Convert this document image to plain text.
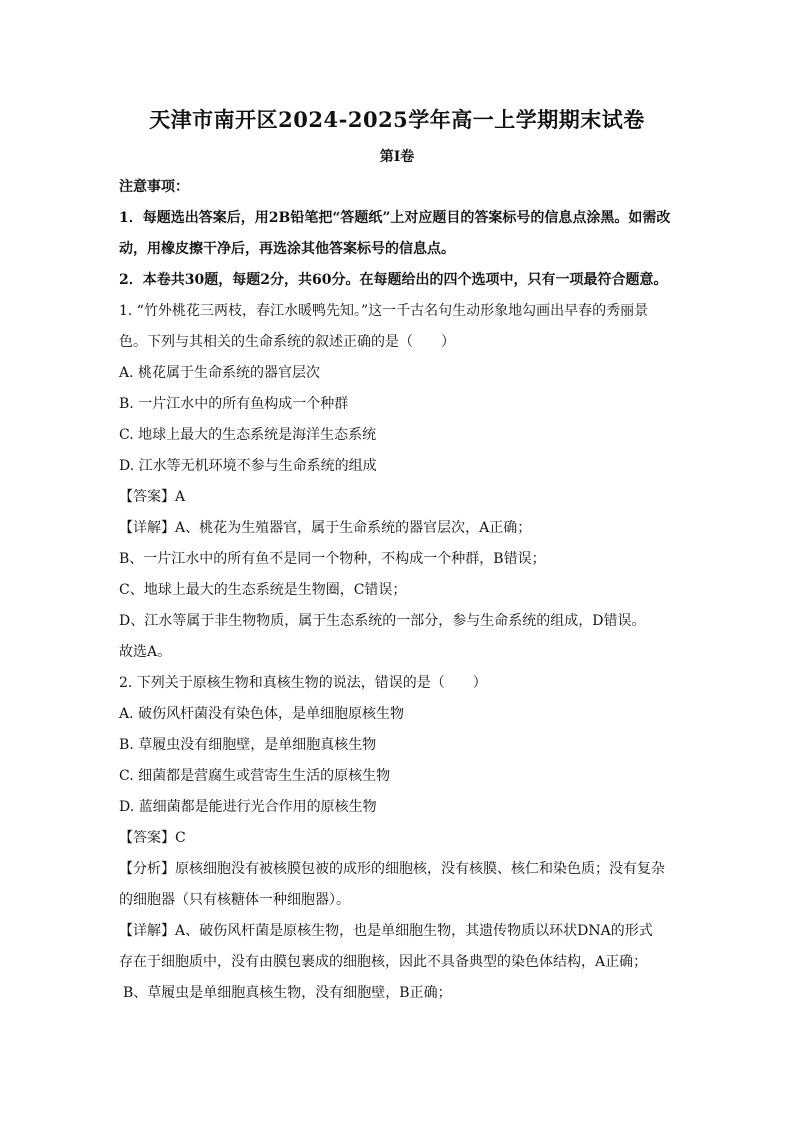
天津市南开区2024-2025学年高一上学期期末试卷
第I卷
注意事项：
1．每题选出答案后，用2B铅笔把“答题纸”上对应题目的答案标号的信息点涂黑。如需改
动，用橡皮擦干净后，再选涂其他答案标号的信息点。
2．本卷共30题，每题2分，共60分。在每题给出的四个选项中，只有一项最符合题意。
1. “竹外桃花三两枝，春江水暖鸭先知。”这一千古名句生动形象地勾画出早春的秀丽景
色。下列与其相关的生命系统的叙述正确的是（　　）
A. 桃花属于生命系统的器官层次
B. 一片江水中的所有鱼构成一个种群
C. 地球上最大的生态系统是海洋生态系统
D. 江水等无机环境不参与生命系统的组成
【答案】A
【详解】A、桃花为生殖器官，属于生命系统的器官层次，A正确；
B、一片江水中的所有鱼不是同一个物种，不构成一个种群，B错误；
C、地球上最大的生态系统是生物圈，C错误；
D、江水等属于非生物物质，属于生态系统的一部分，参与生命系统的组成，D错误。
故选A。
2. 下列关于原核生物和真核生物的说法，错误的是（　　）
A. 破伤风杆菌没有染色体，是单细胞原核生物
B. 草履虫没有细胞壁，是单细胞真核生物
C. 细菌都是营腐生或营寄生生活的原核生物
D. 蓝细菌都是能进行光合作用的原核生物
【答案】C
【分析】原核细胞没有被核膜包被的成形的细胞核，没有核膜、核仁和染色质；没有复杂
的细胞器（只有核糖体一种细胞器）。
【详解】A、破伤风杆菌是原核生物，也是单细胞生物，其遗传物质以环状DNA的形式
存在于细胞质中，没有由膜包裹成的细胞核，因此不具备典型的染色体结构，A正确；
B、草履虫是单细胞真核生物，没有细胞壁，B正确；
